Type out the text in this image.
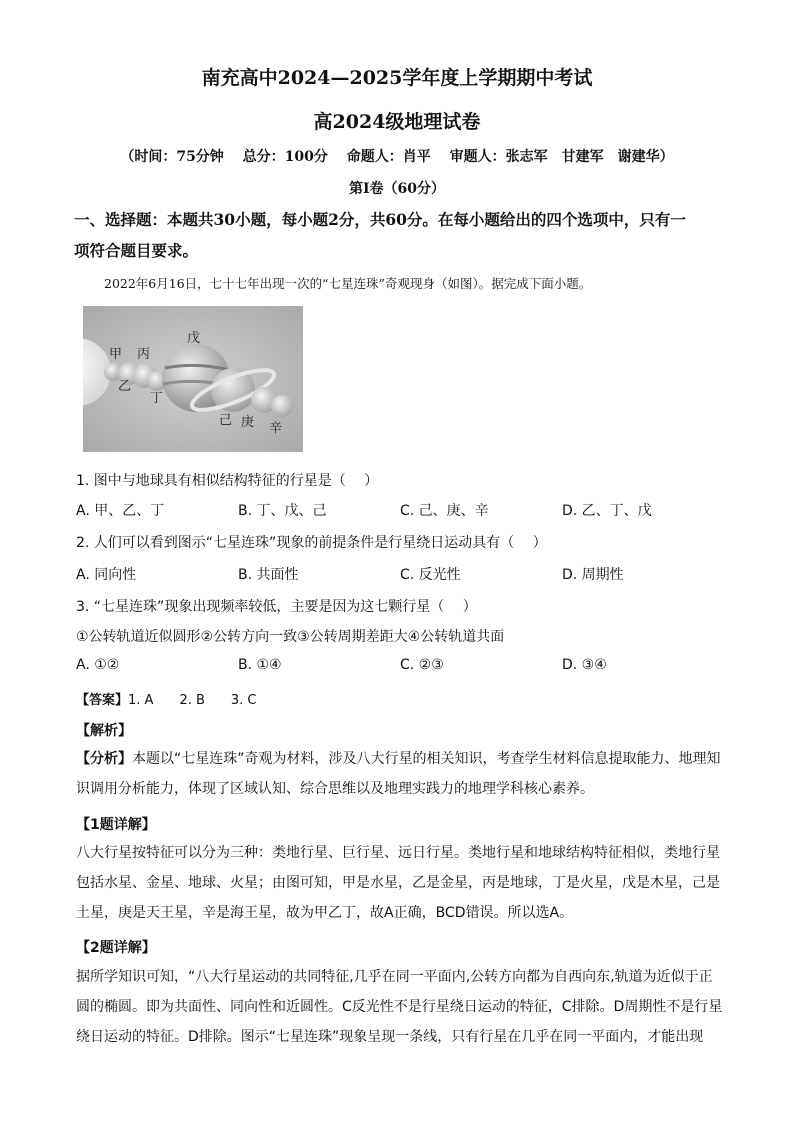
南充高中2024—2025学年度上学期期中考试
高2024级地理试卷
（时间：75分钟　 总分：100分　 命题人：肖平　 审题人：张志军　甘建军　谢建华）
第Ⅰ卷（60分）
一、选择题：本题共30小题，每小题2分，共60分。在每小题给出的四个选项中，只有一
项符合题目要求。
2022年6月16日，七十七年出现一次的“七星连珠”奇观现身（如图）。据完成下面小题。
甲 丙
乙
丁
戊
己 庚 辛
1. 图中与地球具有相似结构特征的行星是（　 ）
A. 甲、乙、丁	B. 丁、戊、己	C. 己、庚、辛	D. 乙、丁、戊
2. 人们可以看到图示“七星连珠”现象的前提条件是行星绕日运动具有（　 ）
A. 同向性	B. 共面性	C. 反光性	D. 周期性
3. “七星连珠”现象出现频率较低，主要是因为这七颗行星（　 ）
①公转轨道近似圆形②公转方向一致③公转周期差距大④公转轨道共面
A. ①②	B. ①④	C. ②③	D. ③④
【答案】1. A　　2. B　　3. C
【解析】
【分析】本题以“七星连珠”奇观为材料，涉及八大行星的相关知识，考查学生材料信息提取能力、地理知识调用分析能力，体现了区域认知、综合思维以及地理实践力的地理学科核心素养。
【1题详解】
八大行星按特征可以分为三种：类地行星、巨行星、远日行星。类地行星和地球结构特征相似，类地行星包括水星、金星、地球、火星；由图可知，甲是水星，乙是金星，丙是地球，丁是火星，戊是木星，己是土星，庚是天王星，辛是海王星，故为甲乙丁，故A正确，BCD错误。所以选A。
【2题详解】
据所学知识可知，“八大行星运动的共同特征,几乎在同一平面内,公转方向都为自西向东,轨道为近似于正圆的椭圆。即为共面性、同向性和近圆性。C反光性不是行星绕日运动的特征，C排除。D周期性不是行星绕日运动的特征。D排除。图示“七星连珠”现象呈现一条线，只有行星在几乎在同一平面内，才能出现
